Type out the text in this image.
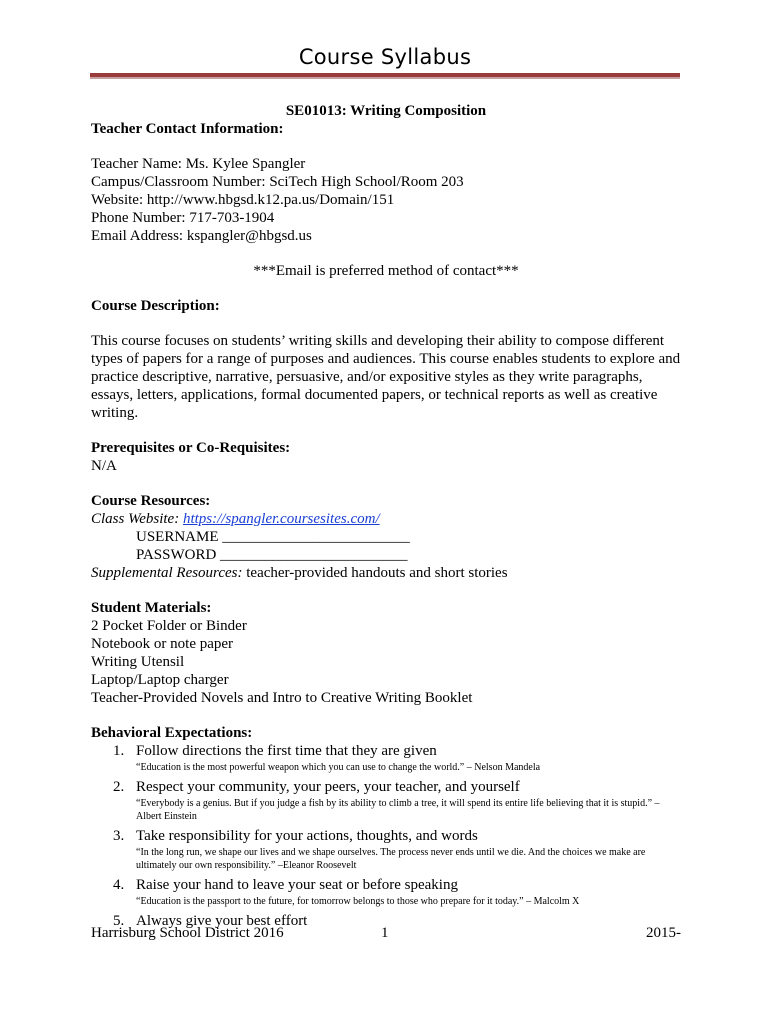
Course Syllabus

SE01013: Writing Composition

Teacher Contact Information:

Teacher Name: Ms. Kylee Spangler

Campus/Classroom Number: SciTech High School/Room 203

Website: http://www.hbgsd.k12.pa.us/Domain/151

Phone Number: 717-703-1904

Email Address: kspangler@hbgsd.us

***Email is preferred method of contact***

Course Description:

This course focuses on students’ writing skills and developing their ability to compose different types of papers for a range of purposes and audiences. This course enables students to explore and practice descriptive, narrative, persuasive, and/or expositive styles as they write paragraphs, essays, letters, applications, formal documented papers, or technical reports as well as creative writing.

Prerequisites or Co-Requisites:

N/A

Course Resources:

Class Website: https://spangler.coursesites.com/

USERNAME _________________________

PASSWORD _________________________

Supplemental Resources: teacher-provided handouts and short stories

Student Materials:

2 Pocket Folder or Binder

Notebook or note paper

Writing Utensil

Laptop/Laptop charger

Teacher-Provided Novels and Intro to Creative Writing Booklet

Behavioral Expectations:

1. Follow directions the first time that they are given
“Education is the most powerful weapon which you can use to change the world.” – Nelson Mandela
2. Respect your community, your peers, your teacher, and yourself
“Everybody is a genius. But if you judge a fish by its ability to climb a tree, it will spend its entire life believing that it is stupid.” –Albert Einstein
3. Take responsibility for your actions, thoughts, and words
“In the long run, we shape our lives and we shape ourselves. The process never ends until we die. And the choices we make are ultimately our own responsibility.” –Eleanor Roosevelt
4. Raise your hand to leave your seat or before speaking
“Education is the passport to the future, for tomorrow belongs to those who prepare for it today.” – Malcolm X
5. Always give your best effort
Harrisburg School District 2016	1	2015-
